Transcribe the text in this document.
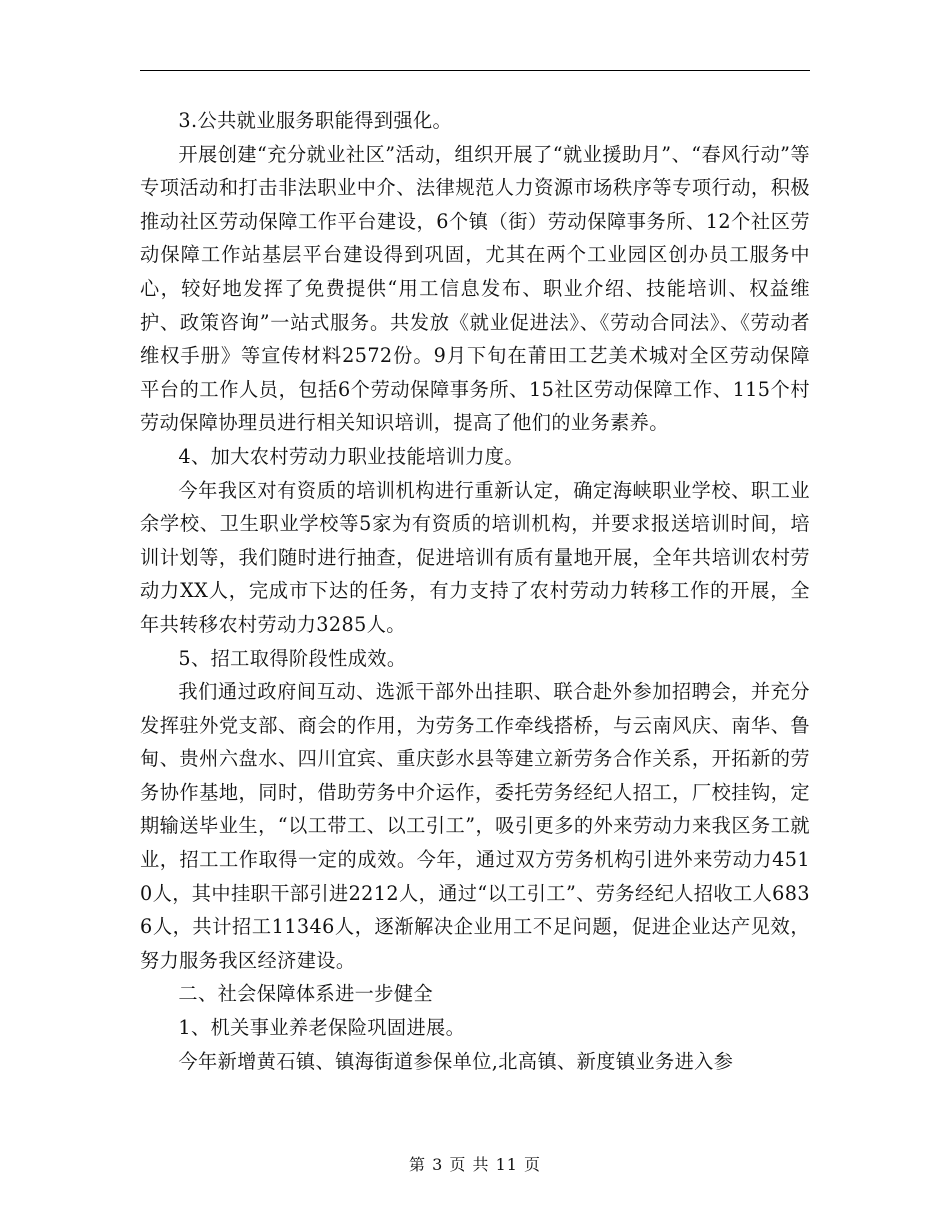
3.公共就业服务职能得到强化。

开展创建“充分就业社区”活动，组织开展了“就业援助月”、“春风行动”等专项活动和打击非法职业中介、法律规范人力资源市场秩序等专项行动，积极推动社区劳动保障工作平台建设，6个镇（街）劳动保障事务所、12个社区劳动保障工作站基层平台建设得到巩固，尤其在两个工业园区创办员工服务中心，较好地发挥了免费提供“用工信息发布、职业介绍、技能培训、权益维护、政策咨询”一站式服务。共发放《就业促进法》、《劳动合同法》、《劳动者维权手册》等宣传材料2572份。9月下旬在莆田工艺美术城对全区劳动保障平台的工作人员，包括6个劳动保障事务所、15社区劳动保障工作、115个村劳动保障协理员进行相关知识培训，提高了他们的业务素养。

4、加大农村劳动力职业技能培训力度。

今年我区对有资质的培训机构进行重新认定，确定海峡职业学校、职工业余学校、卫生职业学校等5家为有资质的培训机构，并要求报送培训时间，培训计划等，我们随时进行抽查，促进培训有质有量地开展，全年共培训农村劳动力XX人，完成市下达的任务，有力支持了农村劳动力转移工作的开展，全年共转移农村劳动力3285人。

5、招工取得阶段性成效。

我们通过政府间互动、选派干部外出挂职、联合赴外参加招聘会，并充分发挥驻外党支部、商会的作用，为劳务工作牵线搭桥，与云南风庆、南华、鲁甸、贵州六盘水、四川宜宾、重庆彭水县等建立新劳务合作关系，开拓新的劳务协作基地，同时，借助劳务中介运作，委托劳务经纪人招工，厂校挂钩，定期输送毕业生，“以工带工、以工引工”，吸引更多的外来劳动力来我区务工就业，招工工作取得一定的成效。今年，通过双方劳务机构引进外来劳动力4510人，其中挂职干部引进2212人，通过“以工引工”、劳务经纪人招收工人6836人，共计招工11346人，逐渐解决企业用工不足问题，促进企业达产见效，努力服务我区经济建设。

二、社会保障体系进一步健全

1、机关事业养老保险巩固进展。

今年新增黄石镇、镇海街道参保单位,北高镇、新度镇业务进入参

第 3 页 共 11 页
